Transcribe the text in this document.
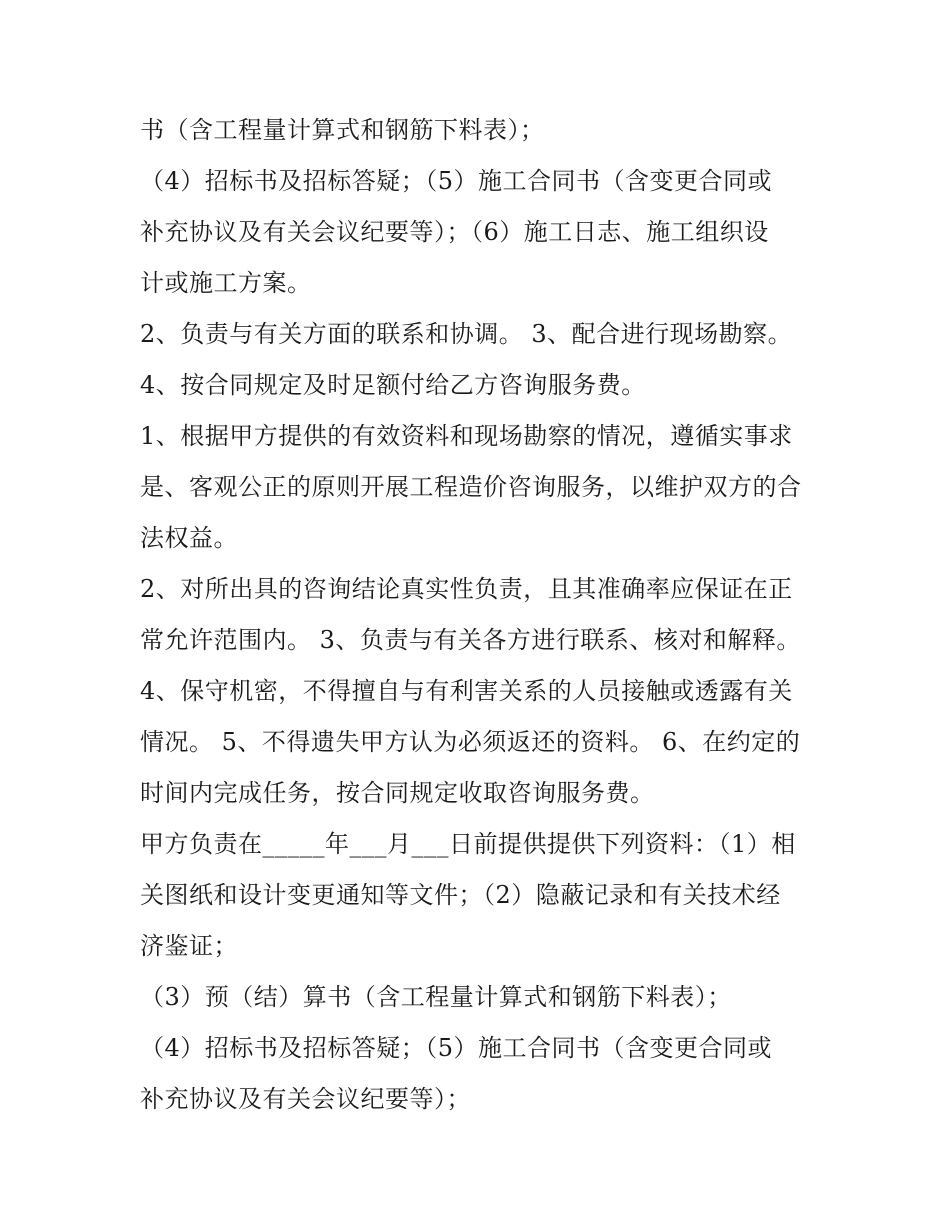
书（含工程量计算式和钢筋下料表）；
（4）招标书及招标答疑；（5）施工合同书（含变更合同或
补充协议及有关会议纪要等）；（6）施工日志、施工组织设
计或施工方案。
2、负责与有关方面的联系和协调。 3、配合进行现场勘察。
4、按合同规定及时足额付给乙方咨询服务费。
1、根据甲方提供的有效资料和现场勘察的情况，遵循实事求
是、客观公正的原则开展工程造价咨询服务，以维护双方的合
法权益。
2、对所出具的咨询结论真实性负责，且其准确率应保证在正
常允许范围内。 3、负责与有关各方进行联系、核对和解释。
4、保守机密，不得擅自与有利害关系的人员接触或透露有关
情况。 5、不得遗失甲方认为必须返还的资料。 6、在约定的
时间内完成任务，按合同规定收取咨询服务费。
甲方负责在_____年___月___日前提供提供下列资料：（1）相
关图纸和设计变更通知等文件；（2）隐蔽记录和有关技术经
济鉴证；
（3）预（结）算书（含工程量计算式和钢筋下料表）；
（4）招标书及招标答疑；（5）施工合同书（含变更合同或
补充协议及有关会议纪要等）；
